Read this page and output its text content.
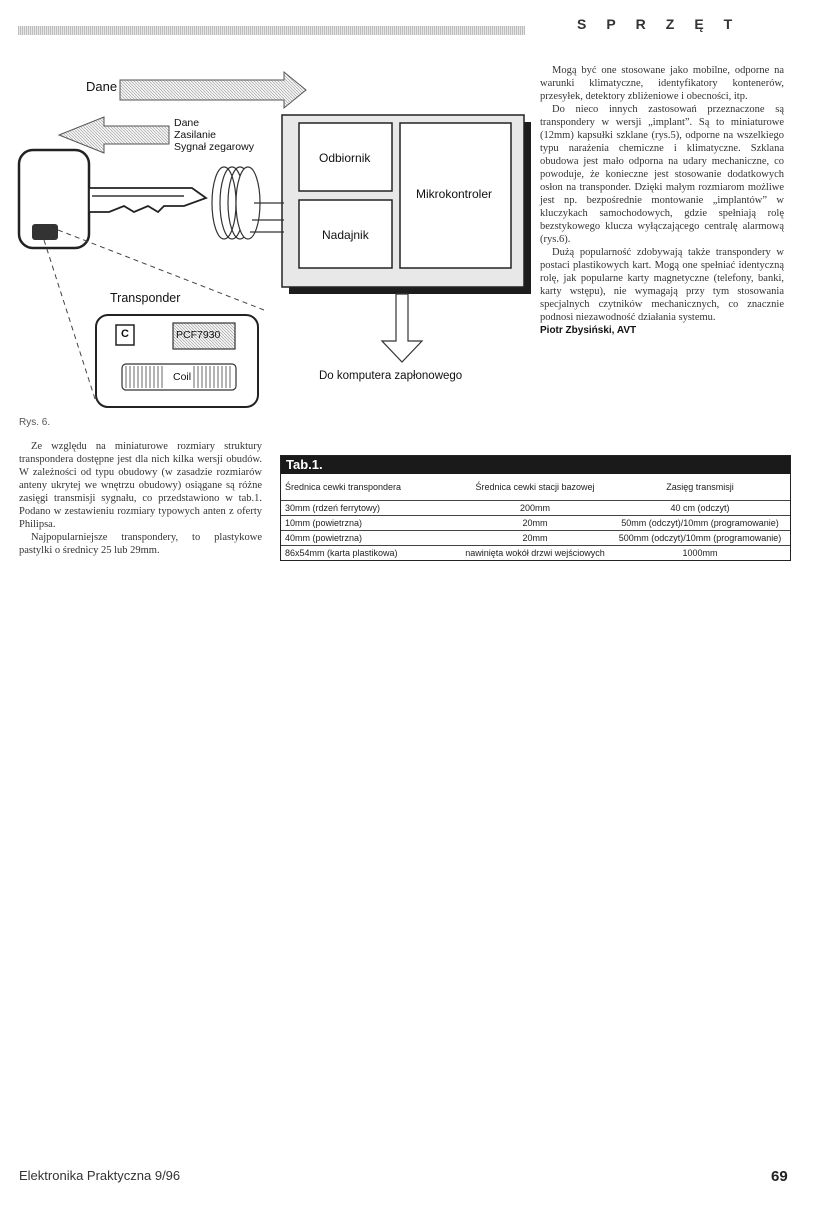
SPRZĘT
Dane
Dane
Zasilanie
Sygnał zegarowy
Odbiornik
Nadajnik
Mikrokontroler
Do komputera zapłonowego
Transponder
C	PCF7930
Coil
Rys. 6.

Ze względu na miniaturowe rozmiary struktury transpondera dostępne jest dla nich kilka wersji obudów. W zależności od typu obudowy (w zasadzie rozmiarów anteny ukrytej we wnętrzu obudowy) osiągane są różne zasięgi transmisji sygnału, co przedstawiono w tab.1. Podano w zestawieniu rozmiary typowych anten z oferty Philipsa.

Najpopularniejsze transpondery, to plastykowe pastylki o średnicy 25 lub 29mm.

Mogą być one stosowane jako mobilne, odporne na warunki klimatyczne, identyfikatory kontenerów, przesyłek, detektory zbliżeniowe i obecności, itp.

Do nieco innych zastosowań przeznaczone są transpondery w wersji „implant”. Są to miniaturowe (12mm) kapsułki szklane (rys.5), odporne na wszelkiego typu narażenia chemiczne i klimatyczne. Szklana obudowa jest mało odporna na udary mechaniczne, co powoduje, że konieczne jest stosowanie dodatkowych osłon na transponder. Dzięki małym rozmiarom możliwe jest np. bezpośrednie montowanie „implantów” w kluczykach samochodowych, gdzie spełniają rolę bezstykowego klucza wyłączającego centralę alarmową (rys.6).

Dużą popularność zdobywają także transpondery w postaci plastikowych kart. Mogą one spełniać identyczną rolę, jak popularne karty magnetyczne (telefony, banki, karty wstępu), nie wymagają przy tym stosowania specjalnych czytników mechanicznych, co znacznie podnosi niezawodność działania systemu.

Piotr Zbysiński, AVT

Tab.1.
Średnica cewki transpondera	Średnica cewki stacji bazowej	Zasięg transmisji
30mm (rdzeń ferrytowy)	200mm	40 cm (odczyt)
10mm (powietrzna)	20mm	50mm (odczyt)/10mm (programowanie)
40mm (powietrzna)	20mm	500mm (odczyt)/10mm (programowanie)
86x54mm (karta plastikowa)	nawinięta wokół drzwi wejściowych	1000mm
Elektronika Praktyczna 9/96	69
